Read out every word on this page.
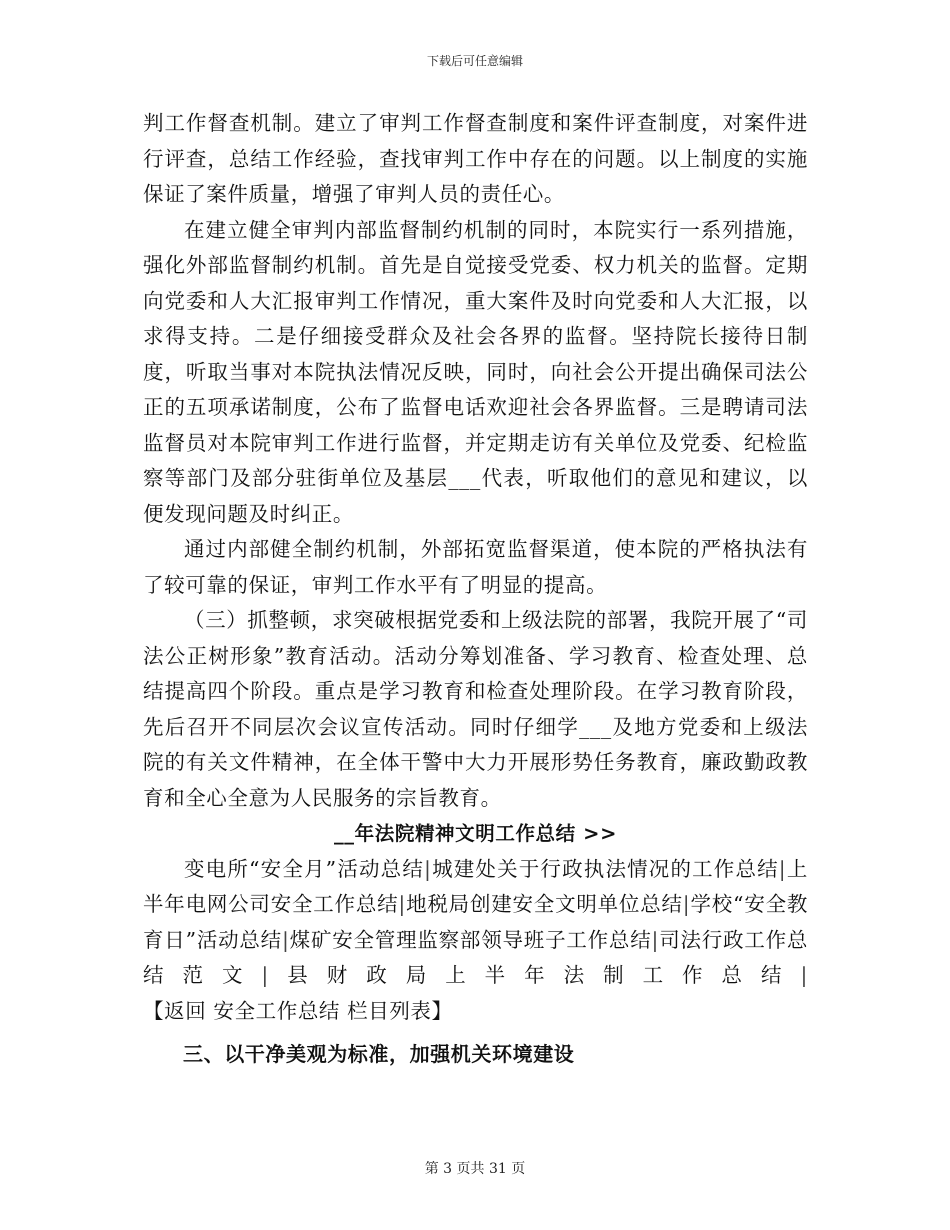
下载后可任意编辑

判工作督查机制。建立了审判工作督查制度和案件评查制度，对案件进行评查，总结工作经验，查找审判工作中存在的问题。以上制度的实施保证了案件质量，增强了审判人员的责任心。

在建立健全审判内部监督制约机制的同时，本院实行一系列措施，强化外部监督制约机制。首先是自觉接受党委、权力机关的监督。定期向党委和人大汇报审判工作情况，重大案件及时向党委和人大汇报，以求得支持。二是仔细接受群众及社会各界的监督。坚持院长接待日制度，听取当事对本院执法情况反映，同时，向社会公开提出确保司法公正的五项承诺制度，公布了监督电话欢迎社会各界监督。三是聘请司法监督员对本院审判工作进行监督，并定期走访有关单位及党委、纪检监察等部门及部分驻街单位及基层___代表，听取他们的意见和建议，以便发现问题及时纠正。

通过内部健全制约机制，外部拓宽监督渠道，使本院的严格执法有了较可靠的保证，审判工作水平有了明显的提高。

（三）抓整顿，求突破根据党委和上级法院的部署，我院开展了“司法公正树形象”教育活动。活动分筹划准备、学习教育、检查处理、总结提高四个阶段。重点是学习教育和检查处理阶段。在学习教育阶段，先后召开不同层次会议宣传活动。同时仔细学___及地方党委和上级法院的有关文件精神，在全体干警中大力开展形势任务教育，廉政勤政教育和全心全意为人民服务的宗旨教育。

__年法院精神文明工作总结 >>

变电所“安全月”活动总结|城建处关于行政执法情况的工作总结|上半年电网公司安全工作总结|地税局创建安全文明单位总结|学校“安全教育日”活动总结|煤矿安全管理监察部领导班子工作总结|司法行政工作总结范文|县财政局上半年法制工作总结| 【返回 安全工作总结 栏目列表】

三、以干净美观为标准，加强机关环境建设

第 3 页共 31 页
